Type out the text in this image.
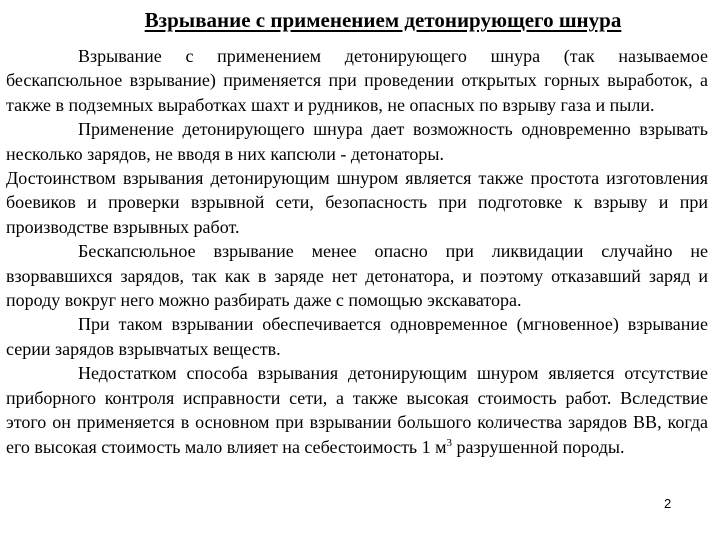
Взрывание с применением детонирующего шнура

Взрывание с применением детонирующего шнура (так называемое бескапсюльное взрывание) применяется при проведении открытых горных выработок, а также в подземных выработках шахт и рудников, не опасных по взрыву газа и пыли.

Применение детонирующего шнура дает возможность одновременно взрывать несколько зарядов, не вводя в них капсюли - детонаторы.

Достоинством взрывания детонирующим шнуром является также простота изготовления боевиков и проверки взрывной сети, безопасность при подготовке к взрыву и при производстве взрывных работ.

Бескапсюльное взрывание менее опасно при ликвидации случайно не взорвавшихся зарядов, так как в заряде нет детонатора, и поэтому отказавший заряд и породу вокруг него можно разбирать даже с помощью экскаватора.

При таком взрывании обеспечивается одновременное (мгновенное) взрывание серии зарядов взрывчатых веществ.

Недостатком способа взрывания детонирующим шнуром является отсутствие приборного контроля исправности сети, а также высокая стоимость работ. Вследствие этого он применяется в основном при взрывании большого количества зарядов ВВ, когда его высокая стоимость мало влияет на себестоимость 1 $м^3$ разрушенной породы.

2
